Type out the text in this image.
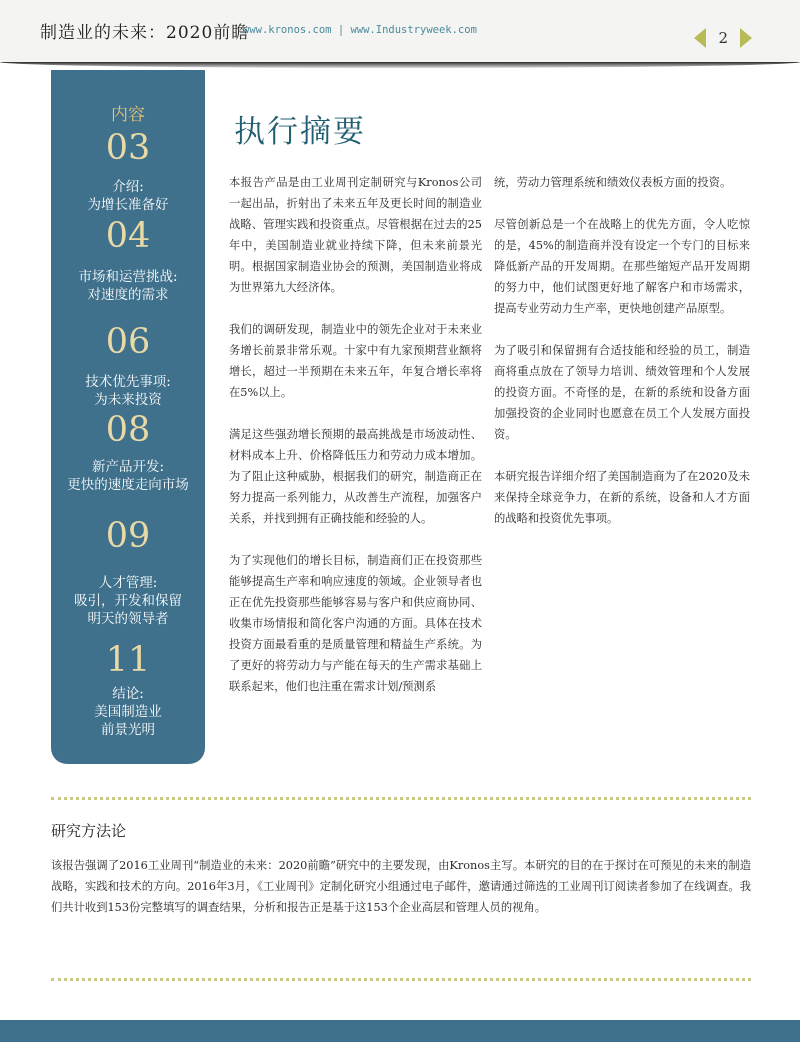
制造业的未来：2020前瞻
www.kronos.com | www.Industryweek.com	2
内容
03
介绍:
为增长准备好
04
市场和运营挑战:
对速度的需求
06
技术优先事项:
为未来投资
08
新产品开发:
更快的速度走向市场
09
人才管理:
吸引，开发和保留
明天的领导者
11
结论:
美国制造业
前景光明
执行摘要

本报告产品是由工业周刊定制研究与Kronos公司一起出品，折射出了未来五年及更长时间的制造业战略、管理实践和投资重点。尽管根据在过去的25年中，美国制造业就业持续下降，但未来前景光明。根据国家制造业协会的预测，美国制造业将成为世界第九大经济体。

我们的调研发现，制造业中的领先企业对于未来业务增长前景非常乐观。十家中有九家预期营业额将增长，超过一半预期在未来五年，年复合增长率将在5%以上。

满足这些强劲增长预期的最高挑战是市场波动性、材料成本上升、价格降低压力和劳动力成本增加。为了阻止这种威胁，根据我们的研究，制造商正在努力提高一系列能力，从改善生产流程，加强客户关系，并找到拥有正确技能和经验的人。

为了实现他们的增长目标，制造商们正在投资那些能够提高生产率和响应速度的领域。企业领导者也正在优先投资那些能够容易与客户和供应商协同、收集市场情报和简化客户沟通的方面。具体在技术投资方面最看重的是质量管理和精益生产系统。为了更好的将劳动力与产能在每天的生产需求基础上联系起来，他们也注重在需求计划/预测系

统，劳动力管理系统和绩效仪表板方面的投资。

尽管创新总是一个在战略上的优先方面，令人吃惊的是，45%的制造商并没有设定一个专门的目标来降低新产品的开发周期。在那些缩短产品开发周期的努力中，他们试图更好地了解客户和市场需求，提高专业劳动力生产率，更快地创建产品原型。

为了吸引和保留拥有合适技能和经验的员工，制造商将重点放在了领导力培训、绩效管理和个人发展的投资方面。不奇怪的是，在新的系统和设备方面加强投资的企业同时也愿意在员工个人发展方面投资。

本研究报告详细介绍了美国制造商为了在2020及未来保持全球竞争力，在新的系统，设备和人才方面的战略和投资优先事项。

研究方法论
该报告强调了2016工业周刊“制造业的未来：2020前瞻”研究中的主要发现，由Kronos主写。本研究的目的在于探讨在可预见的未来的制造战略，实践和技术的方向。2016年3月，《工业周刊》定制化研究小组通过电子邮件，邀请通过筛选的工业周刊订阅读者参加了在线调查。我们共计收到153份完整填写的调查结果，分析和报告正是基于这153个企业高层和管理人员的视角。
